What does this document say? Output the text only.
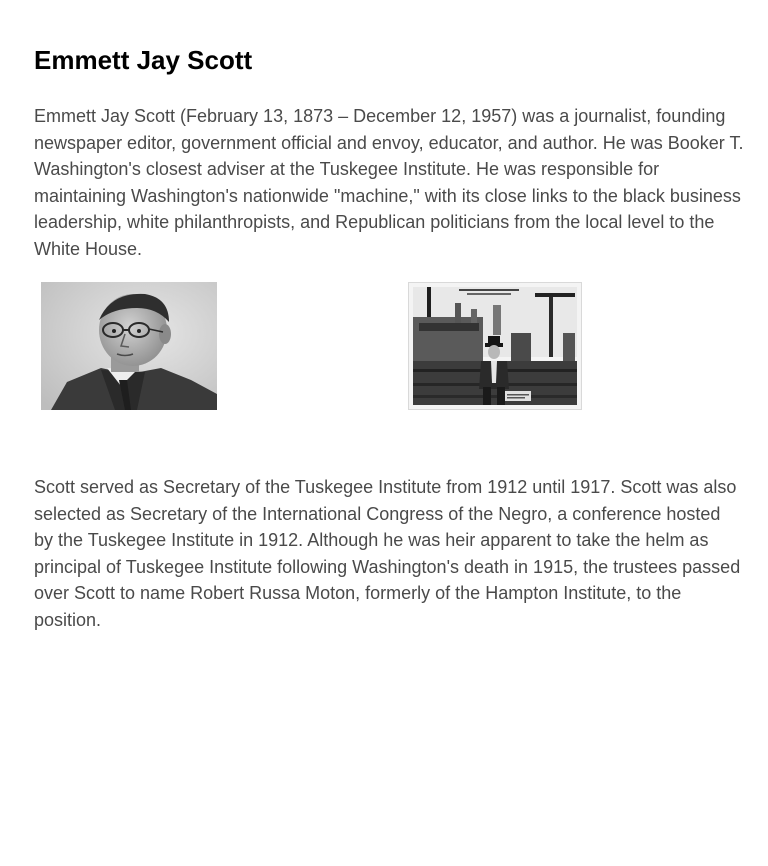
Emmett Jay Scott

Emmett Jay Scott (February 13, 1873 – December 12, 1957) was a journalist, founding newspaper editor, government official and envoy, educator, and author. He was Booker T. Washington's closest adviser at the Tuskegee Institute. He was responsible for maintaining Washington's nationwide "machine," with its close links to the black business leadership, white philanthropists, and Republican politicians from the local level to the White House.

Scott served as Secretary of the Tuskegee Institute from 1912 until 1917. Scott was also selected as Secretary of the International Congress of the Negro, a conference hosted by the Tuskegee Institute in 1912. Although he was heir apparent to take the helm as principal of Tuskegee Institute following Washington's death in 1915, the trustees passed over Scott to name Robert Russa Moton, formerly of the Hampton Institute, to the position.
